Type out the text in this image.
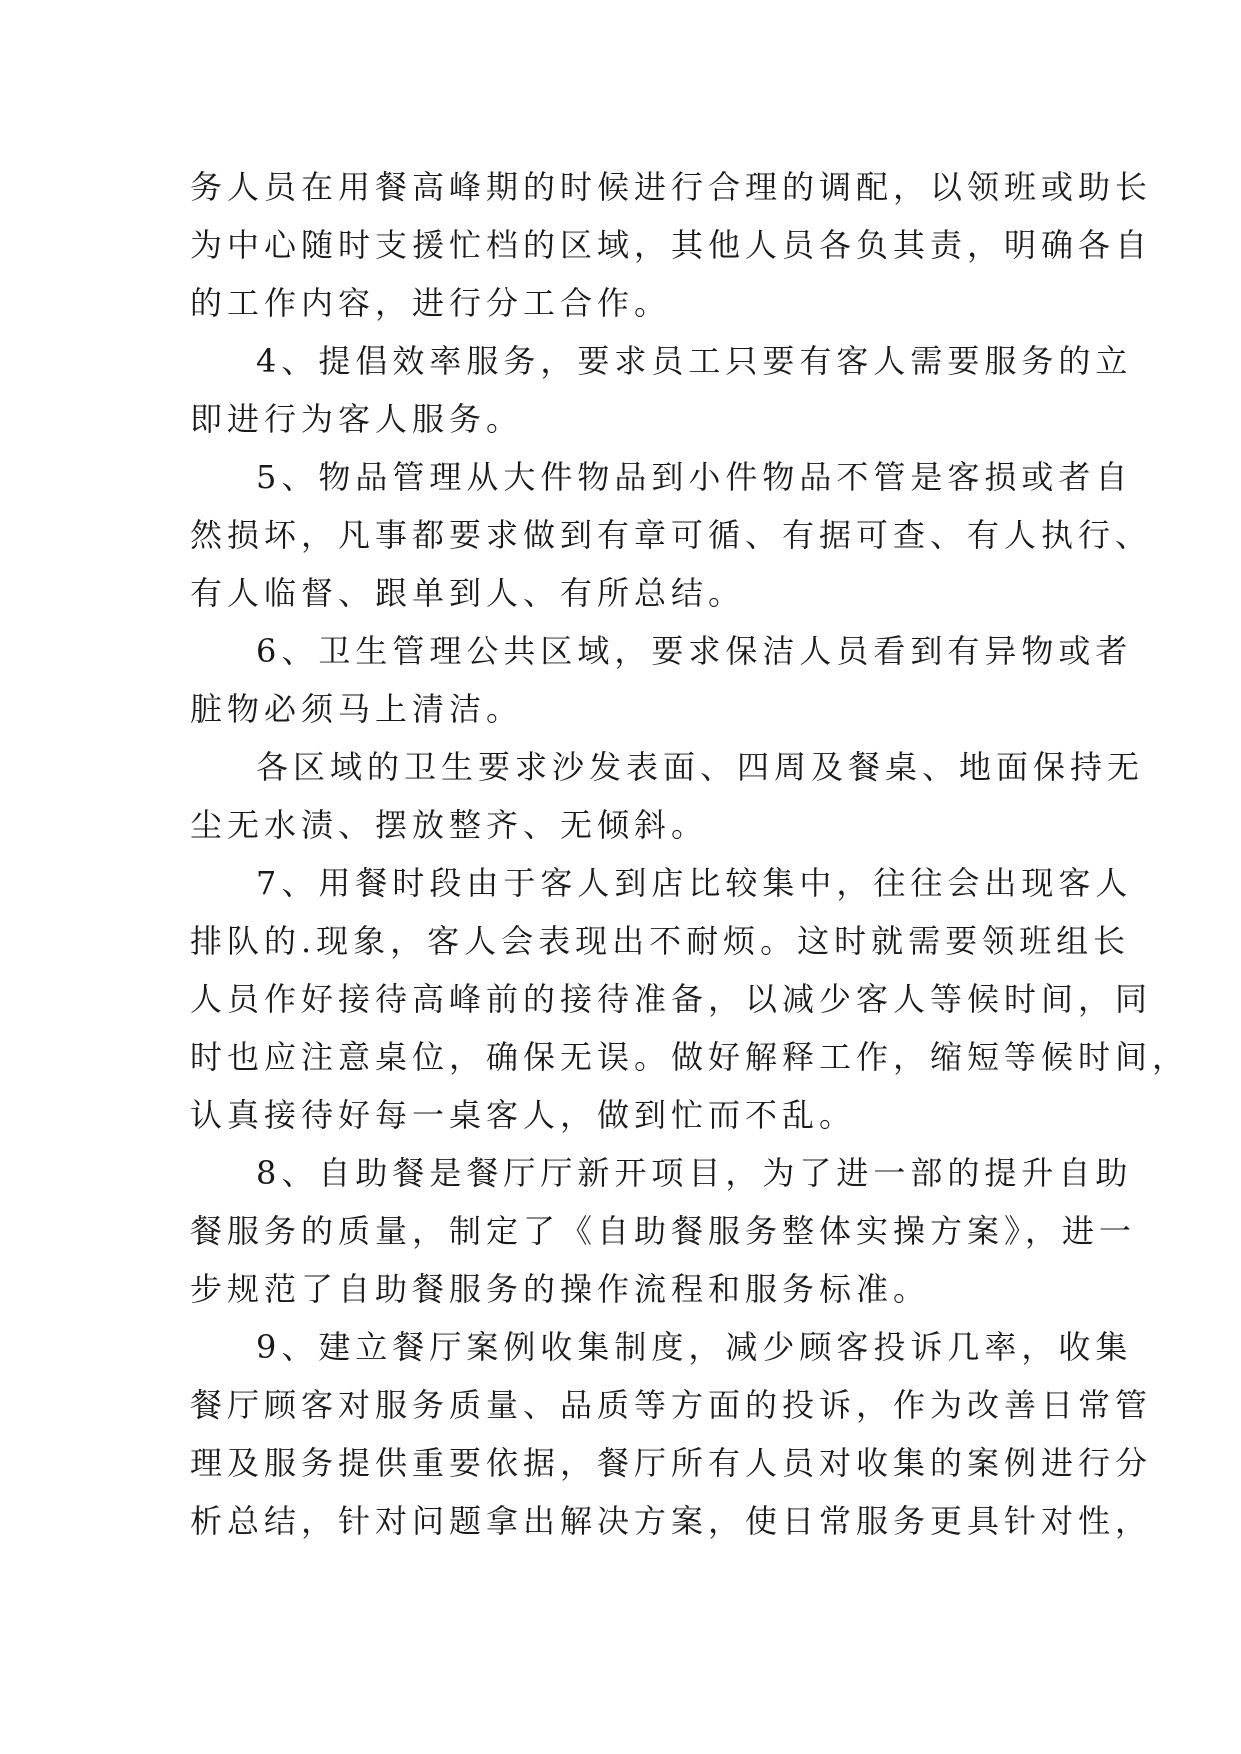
务人员在用餐高峰期的时候进行合理的调配，以领班或助长
为中心随时支援忙档的区域，其他人员各负其责，明确各自
的工作内容，进行分工合作。
4、提倡效率服务，要求员工只要有客人需要服务的立
即进行为客人服务。
5、物品管理从大件物品到小件物品不管是客损或者自
然损坏，凡事都要求做到有章可循、有据可查、有人执行、
有人临督、跟单到人、有所总结。
6、卫生管理公共区域，要求保洁人员看到有异物或者
脏物必须马上清洁。
各区域的卫生要求沙发表面、四周及餐桌、地面保持无
尘无水渍、摆放整齐、无倾斜。
7、用餐时段由于客人到店比较集中，往往会出现客人
排队的.现象，客人会表现出不耐烦。这时就需要领班组长
人员作好接待高峰前的接待准备，以减少客人等候时间，同
时也应注意桌位，确保无误。做好解释工作，缩短等候时间，
认真接待好每一桌客人，做到忙而不乱。
8、自助餐是餐厅厅新开项目，为了进一部的提升自助
餐服务的质量，制定了《自助餐服务整体实操方案》，进一
步规范了自助餐服务的操作流程和服务标准。
9、建立餐厅案例收集制度，减少顾客投诉几率，收集
餐厅顾客对服务质量、品质等方面的投诉，作为改善日常管
理及服务提供重要依据，餐厅所有人员对收集的案例进行分
析总结，针对问题拿出解决方案，使日常服务更具针对性，
